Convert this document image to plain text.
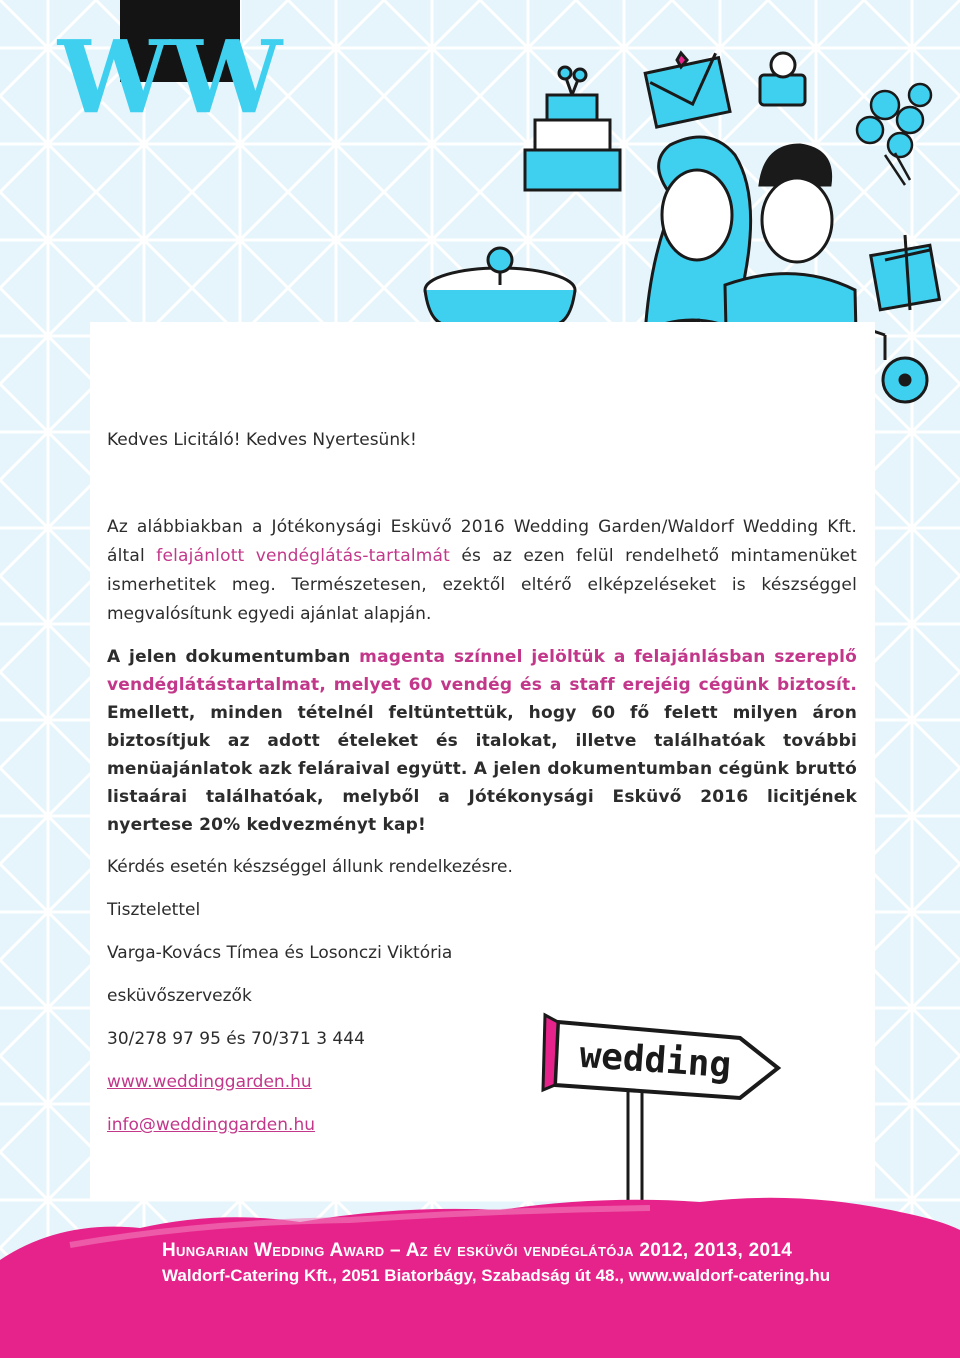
WW

Kedves Licitáló! Kedves Nyertesünk!

Az alábbiakban a Jótékonysági Esküvő 2016 Wedding Garden/Waldorf Wedding Kft.

által felajánlott vendéglátás-tartalmát és az ezen felül rendelhető mintamenüket

ismerhetitek meg. Természetesen, ezektől eltérő elképzeléseket is készséggel

megvalósítunk egyedi ajánlat alapján.

A jelen dokumentumban magenta színnel jelöltük a felajánlásban szereplő vendéglátástartalmat, melyet 60 vendég és a staff erejéig cégünk biztosít. Emellett, minden tételnél feltüntettük, hogy 60 fő felett milyen áron biztosítjuk az adott ételeket és italokat, illetve találhatóak további menüajánlatok azk feláraival együtt. A jelen dokumentumban cégünk bruttó listaárai találhatóak, melyből a Jótékonysági Esküvő 2016 licitjének nyertese 20% kedvezményt kap!

Kérdés esetén készséggel állunk rendelkezésre.

Tisztelettel

Varga-Kovács Tímea és Losonczi Viktória

esküvőszervezők

30/278 97 95 és 70/371 3 444

www.weddinggarden.hu

info@weddinggarden.hu

wedding
Hungarian Wedding Award – Az év esküvői vendéglátója 2012, 2013, 2014
Waldorf-Catering Kft., 2051 Biatorbágy, Szabadság út 48., www.waldorf-catering.hu
